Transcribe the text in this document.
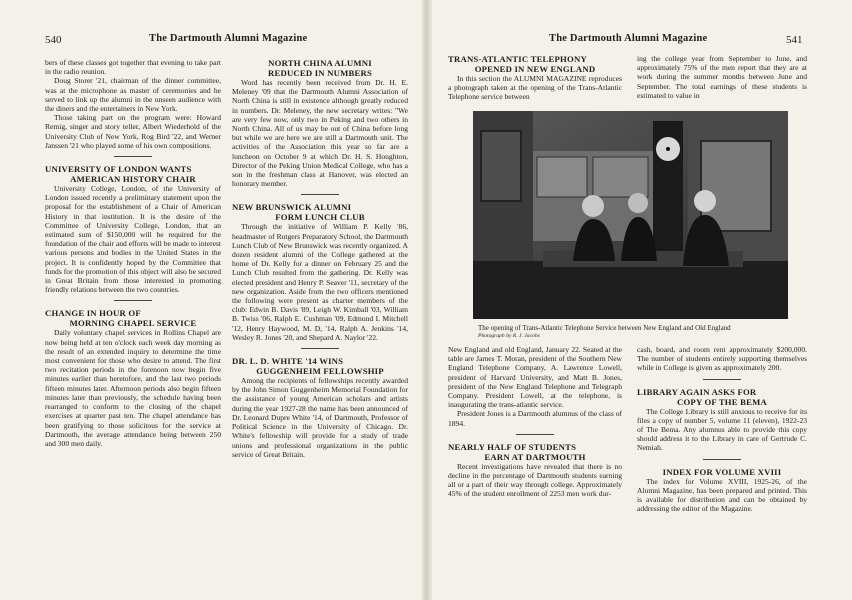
540	The Dartmouth Alumni Magazine

bers of these classes got together that evening to take part in the radio reunion.

Doug Storer '21, chairman of the dinner committee, was at the microphone as master of ceremonies and he served to link up the alumni in the unseen audience with the diners and the entertainers in New York.

Those taking part on the program were: Howard Remig, singer and story teller, Albert Wiederhold of the University Club of New York, Rog Bird '22, and Werner Janssen '21 who played some of his own compositions.

UNIVERSITY OF LONDON WANTS
AMERICAN HISTORY CHAIR

University College, London, of the University of London issued recently a preliminary statement upon the proposal for the establishment of a Chair of American History in that institution. It is the desire of the Committee of University College, London, that an estimated sum of $150,000 will be required for the foundation of the chair and efforts will be made to interest various persons and bodies in the United States in the project. It is confidently hoped by the Committee that funds for the promotion of this object will also be secured in Great Britain from those interested in promoting friendly relations between the two countries.

CHANGE IN HOUR OF
MORNING CHAPEL SERVICE

Daily voluntary chapel services in Rollins Chapel are now being held at ten o'clock each week day morning as the result of an extended inquiry to determine the time most convenient for those who desire to attend. The first two recitation periods in the forenoon now begin five minutes earlier than heretofore, and the last two periods fifteen minutes later. Afternoon periods also begin fifteen minutes later than previously, the schedule having been rearranged to conform to the closing of the chapel exercises at quarter past ten. The chapel attendance has been gratifying to those solicitous for the service at Dartmouth, the average attendance being between 250 and 300 men daily.

NORTH CHINA ALUMNI
REDUCED IN NUMBERS

Word has recently been received from Dr. H. E. Meleney '09 that the Dartmouth Alumni Association of North China is still in existence although greatly reduced in numbers. Dr. Meleney, the new secretary writes: "We are very few now, only two in Peking and two others in North China. All of us may be out of China before long but while we are here we are still a Dartmouth unit. The activities of the Association this year so far are a luncheon on October 9 at which Dr. H. S. Houghton, Director of the Peking Union Medical College, who has a son in the freshman class at Hanover, was elected an honorary member.

NEW BRUNSWICK ALUMNI
FORM LUNCH CLUB

Through the initiative of William P. Kelly '86, headmaster of Rutgers Preparatory School, the Dartmouth Lunch Club of New Brunswick was recently organized. A dozen resident alumni of the College gathered at the home of Dr. Kelly for a dinner on February 25 and the Lunch Club resulted from the gathering. Dr. Kelly was elected president and Henry P. Seaver '11, secretary of the new organization. Aside from the two officers mentioned the following were present as charter members of the club: Edwin B. Davis '89, Leigh W. Kimball '03, William B. Twiss '06, Ralph E. Cushman '09, Edmund I. Mitchell '12, Henry Haywood, M. D, '14, Ralph A. Jenkins '14, Wesley R. Jones '20, and Shepard A. Naylor '22.

DR. L. D. WHITE '14 WINS
GUGGENHEIM FELLOWSHIP

Among the recipients of fellowships recently awarded by the John Simon Guggenheim Memorial Foundation for the assistance of young American scholars and artists during the year 1927-28 the name has been announced of Dr. Leonard Dupre White '14, of Dartmouth, Professor of Political Science in the University of Chicago. Dr. White's fellowship will provide for a study of trade unions and professional organizations in the public service of Great Britain.

The Dartmouth Alumni Magazine	541
TRANS-ATLANTIC TELEPHONY
OPENED IN NEW ENGLAND

In this section the ALUMNI MAGAZINE reproduces a photograph taken at the opening of the Trans-Atlantic Telephone service between

ing the college year from September to June, and approximately 75% of the men report that they are at work during the summer months between June and September. The total earnings of these students is estimated to value in

The opening of Trans-Atlantic Telephone Service between New England and Old England
Photograph by R. J. Jacobs

New England and old England, January 22. Seated at the table are James T. Moran, president of the Southern New England Telephone Company, A. Lawrence Lowell, president of Harvard University, and Matt B. Jones, president of the New England Telephone and Telegraph Company. President Lowell, at the telephone, is inaugurating the trans-atlantic service.

President Jones is a Dartmouth alumnus of the class of 1894.

NEARLY HALF OF STUDENTS
EARN AT DARTMOUTH

Recent investigations have revealed that there is no decline in the percentage of Dartmouth students earning all or a part of their way through college. Approximately 45% of the student enrollment of 2253 men work dur-

cash, board, and room rent approximately $200,000. The number of students entirely supporting themselves while in College is given as approximately 200.

LIBRARY AGAIN ASKS FOR
COPY OF THE BEMA

The College Library is still anxious to receive for its files a copy of number 5, volume 11 (eleven), 1922-23 of The Bema. Any alumnus able to provide this copy should address it to the Library in care of Gertrude C. Nemiah.

INDEX FOR VOLUME XVIII

The index for Volume XVIII, 1925-26, of the Alumni Magazine, has been prepared and printed. This is available for distribution and can be obtained by addressing the editor of the Magazine.
